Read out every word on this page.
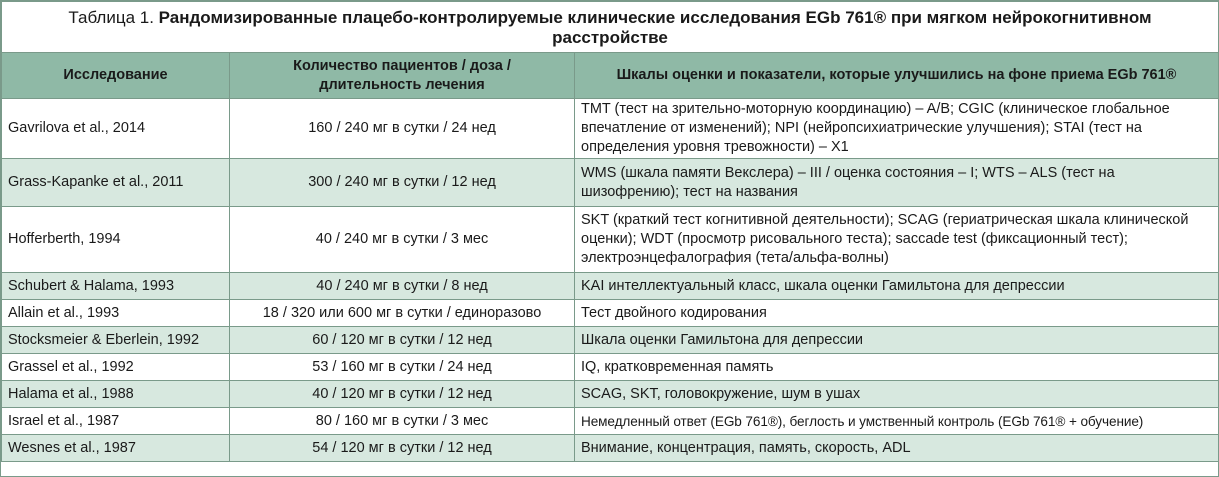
Таблица 1. Рандомизированные плацебо-контролируемые клинические исследования EGb 761® при мягком нейрокогнитивном расстройстве		
Исследование	Количество пациентов / доза / длительность лечения	Шкалы оценки и показатели, которые улучшились на фоне приема EGb 761®
Gavrilova et al., 2014	160 / 240 мг в сутки / 24 нед	TMT (тест на зрительно-моторную координацию) – A/B; CGIC (клиническое глобальное впечатление от изменений); NPI (нейропсихиатрические улучшения); STAI (тест на определения уровня тревожности) – X1
Grass-Kapanke et al., 2011	300 / 240 мг в сутки / 12 нед	WMS (шкала памяти Векслера) – III / оценка состояния – I; WTS – ALS (тест на шизофрению); тест на названия
Hofferberth, 1994	40 / 240 мг в сутки / 3 мес	SKT (краткий тест когнитивной деятельности); SCAG (гериатрическая шкала клинической оценки); WDT (просмотр рисовального теста); saccade test (фиксационный тест); электроэнцефалография (тета/альфа-волны)
Schubert & Halama, 1993	40 / 240 мг в сутки / 8 нед	KAI интеллектуальный класс, шкала оценки Гамильтона для депрессии
Allain et al., 1993	18 / 320 или 600 мг в сутки / единоразово	Тест двойного кодирования
Stocksmeier & Eberlein, 1992	60 / 120 мг в сутки / 12 нед	Шкала оценки Гамильтона для депрессии
Grassel et al., 1992	53 / 160 мг в сутки / 24 нед	IQ, кратковременная память
Halama et al., 1988	40 / 120 мг в сутки / 12 нед	SCAG, SKT, головокружение, шум в ушах
Israel et al., 1987	80 / 160 мг в сутки / 3 мес	Немедленный ответ (EGb 761®), беглость и умственный контроль (EGb 761® + обучение)
Wesnes et al., 1987	54 / 120 мг в сутки / 12 нед	Внимание, концентрация, память, скорость, ADL
